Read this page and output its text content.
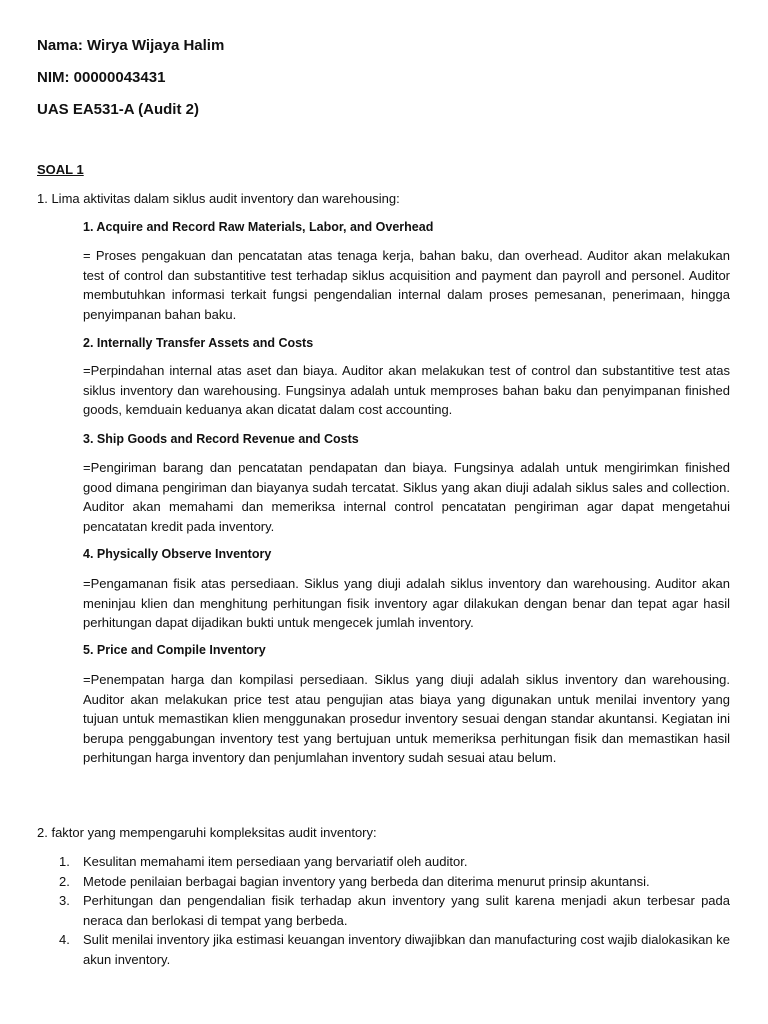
Nama: Wirya Wijaya Halim
NIM: 00000043431
UAS EA531-A (Audit 2)
SOAL 1
1. Lima aktivitas dalam siklus audit inventory dan warehousing:
1. Acquire and Record Raw Materials, Labor, and Overhead
= Proses pengakuan dan pencatatan atas tenaga kerja, bahan baku, dan overhead. Auditor akan melakukan test of control dan substantitive test terhadap siklus acquisition and payment dan payroll and personel. Auditor membutuhkan informasi terkait fungsi pengendalian internal dalam proses pemesanan, penerimaan, hingga penyimpanan bahan baku.
2. Internally Transfer Assets and Costs
=Perpindahan internal atas aset dan biaya. Auditor akan melakukan test of control dan substantitive test atas siklus inventory dan warehousing. Fungsinya adalah untuk memproses bahan baku dan penyimpanan finished goods, kemduain keduanya akan dicatat dalam cost accounting.
3. Ship Goods and Record Revenue and Costs
=Pengiriman barang dan pencatatan pendapatan dan biaya. Fungsinya adalah untuk mengirimkan finished good dimana pengiriman dan biayanya sudah tercatat. Siklus yang akan diuji adalah siklus sales and collection. Auditor akan memahami dan memeriksa internal control pencatatan pengiriman agar dapat mengetahui pencatatan kredit pada inventory.
4. Physically Observe Inventory
=Pengamanan fisik atas persediaan. Siklus yang diuji adalah siklus inventory dan warehousing. Auditor akan meninjau klien dan menghitung perhitungan fisik inventory agar dilakukan dengan benar dan tepat agar hasil perhitungan dapat dijadikan bukti untuk mengecek jumlah inventory.
5. Price and Compile Inventory
=Penempatan harga dan kompilasi persediaan. Siklus yang diuji adalah siklus inventory dan warehousing. Auditor akan melakukan price test atau pengujian atas biaya yang digunakan untuk menilai inventory yang tujuan untuk memastikan klien menggunakan prosedur inventory sesuai dengan standar akuntansi. Kegiatan ini berupa penggabungan inventory test yang bertujuan untuk memeriksa perhitungan fisik dan memastikan hasil perhitungan harga inventory dan penjumlahan inventory sudah sesuai atau belum.
2. faktor yang mempengaruhi kompleksitas audit inventory:
1. Kesulitan memahami item persediaan yang bervariatif oleh auditor.
2. Metode penilaian berbagai bagian inventory yang berbeda dan diterima menurut prinsip akuntansi.
3. Perhitungan dan pengendalian fisik terhadap akun inventory yang sulit karena menjadi akun terbesar pada neraca dan berlokasi di tempat yang berbeda.
4. Sulit menilai inventory jika estimasi keuangan inventory diwajibkan dan manufacturing cost wajib dialokasikan ke akun inventory.
